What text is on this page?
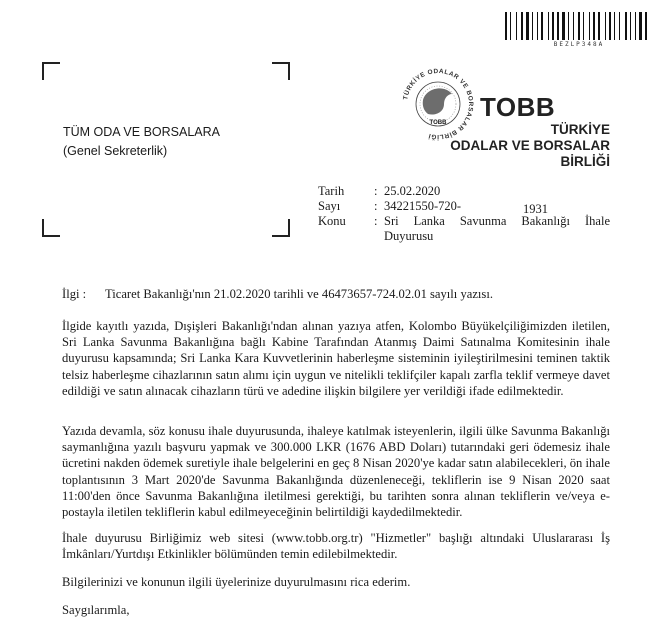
BEZLP348A
TÜM ODA VE BORSALARA
(Genel Sekreterlik)
TÜRKİYE ODALAR VE BORSALAR BİRLİĞİ
TOBB
TOBB
TÜRKİYE
ODALAR VE BORSALAR
BİRLİĞİ
Tarih : 25.02.2020
Sayı	: 34221550-720-	1931
Konu : Sri Lanka Savunma Bakanlığı İhale
Duyurusu
İlgi : Ticaret Bakanlığı'nın 21.02.2020 tarihli ve 46473657-724.02.01 sayılı yazısı.
İlgide kayıtlı yazıda, Dışişleri Bakanlığı'ndan alınan yazıya atfen, Kolombo Büyükelçiliğimizden iletilen, Sri Lanka Savunma Bakanlığına bağlı Kabine Tarafından Atanmış Daimi Satınalma Komitesinin ihale duyurusu kapsamında; Sri Lanka Kara Kuvvetlerinin haberleşme sisteminin iyileştirilmesini teminen taktik telsiz haberleşme cihazlarının satın alımı için uygun ve nitelikli teklifçiler kapalı zarfla teklif vermeye davet edildiği ve satın alınacak cihazların türü ve adedine ilişkin bilgilere yer verildiği ifade edilmektedir.
Yazıda devamla, söz konusu ihale duyurusunda, ihaleye katılmak isteyenlerin, ilgili ülke Savunma Bakanlığı saymanlığına yazılı başvuru yapmak ve 300.000 LKR (1676 ABD Doları) tutarındaki geri ödemesiz ihale ücretini nakden ödemek suretiyle ihale belgelerini en geç 8 Nisan 2020'ye kadar satın alabilecekleri, ön ihale toplantısının 3 Mart 2020'de Savunma Bakanlığında düzenleneceği, tekliflerin ise 9 Nisan 2020 saat 11:00'den önce Savunma Bakanlığına iletilmesi gerektiği, bu tarihten sonra alınan tekliflerin ve/veya e-postayla iletilen tekliflerin kabul edilmeyeceğinin belirtildiği kaydedilmektedir.
İhale duyurusu Birliğimiz web sitesi (www.tobb.org.tr) "Hizmetler" başlığı altındaki Uluslararası İş İmkânları/Yurtdışı Etkinlikler bölümünden temin edilebilmektedir.
Bilgilerinizi ve konunun ilgili üyelerinize duyurulmasını rica ederim.
Saygılarımla,
